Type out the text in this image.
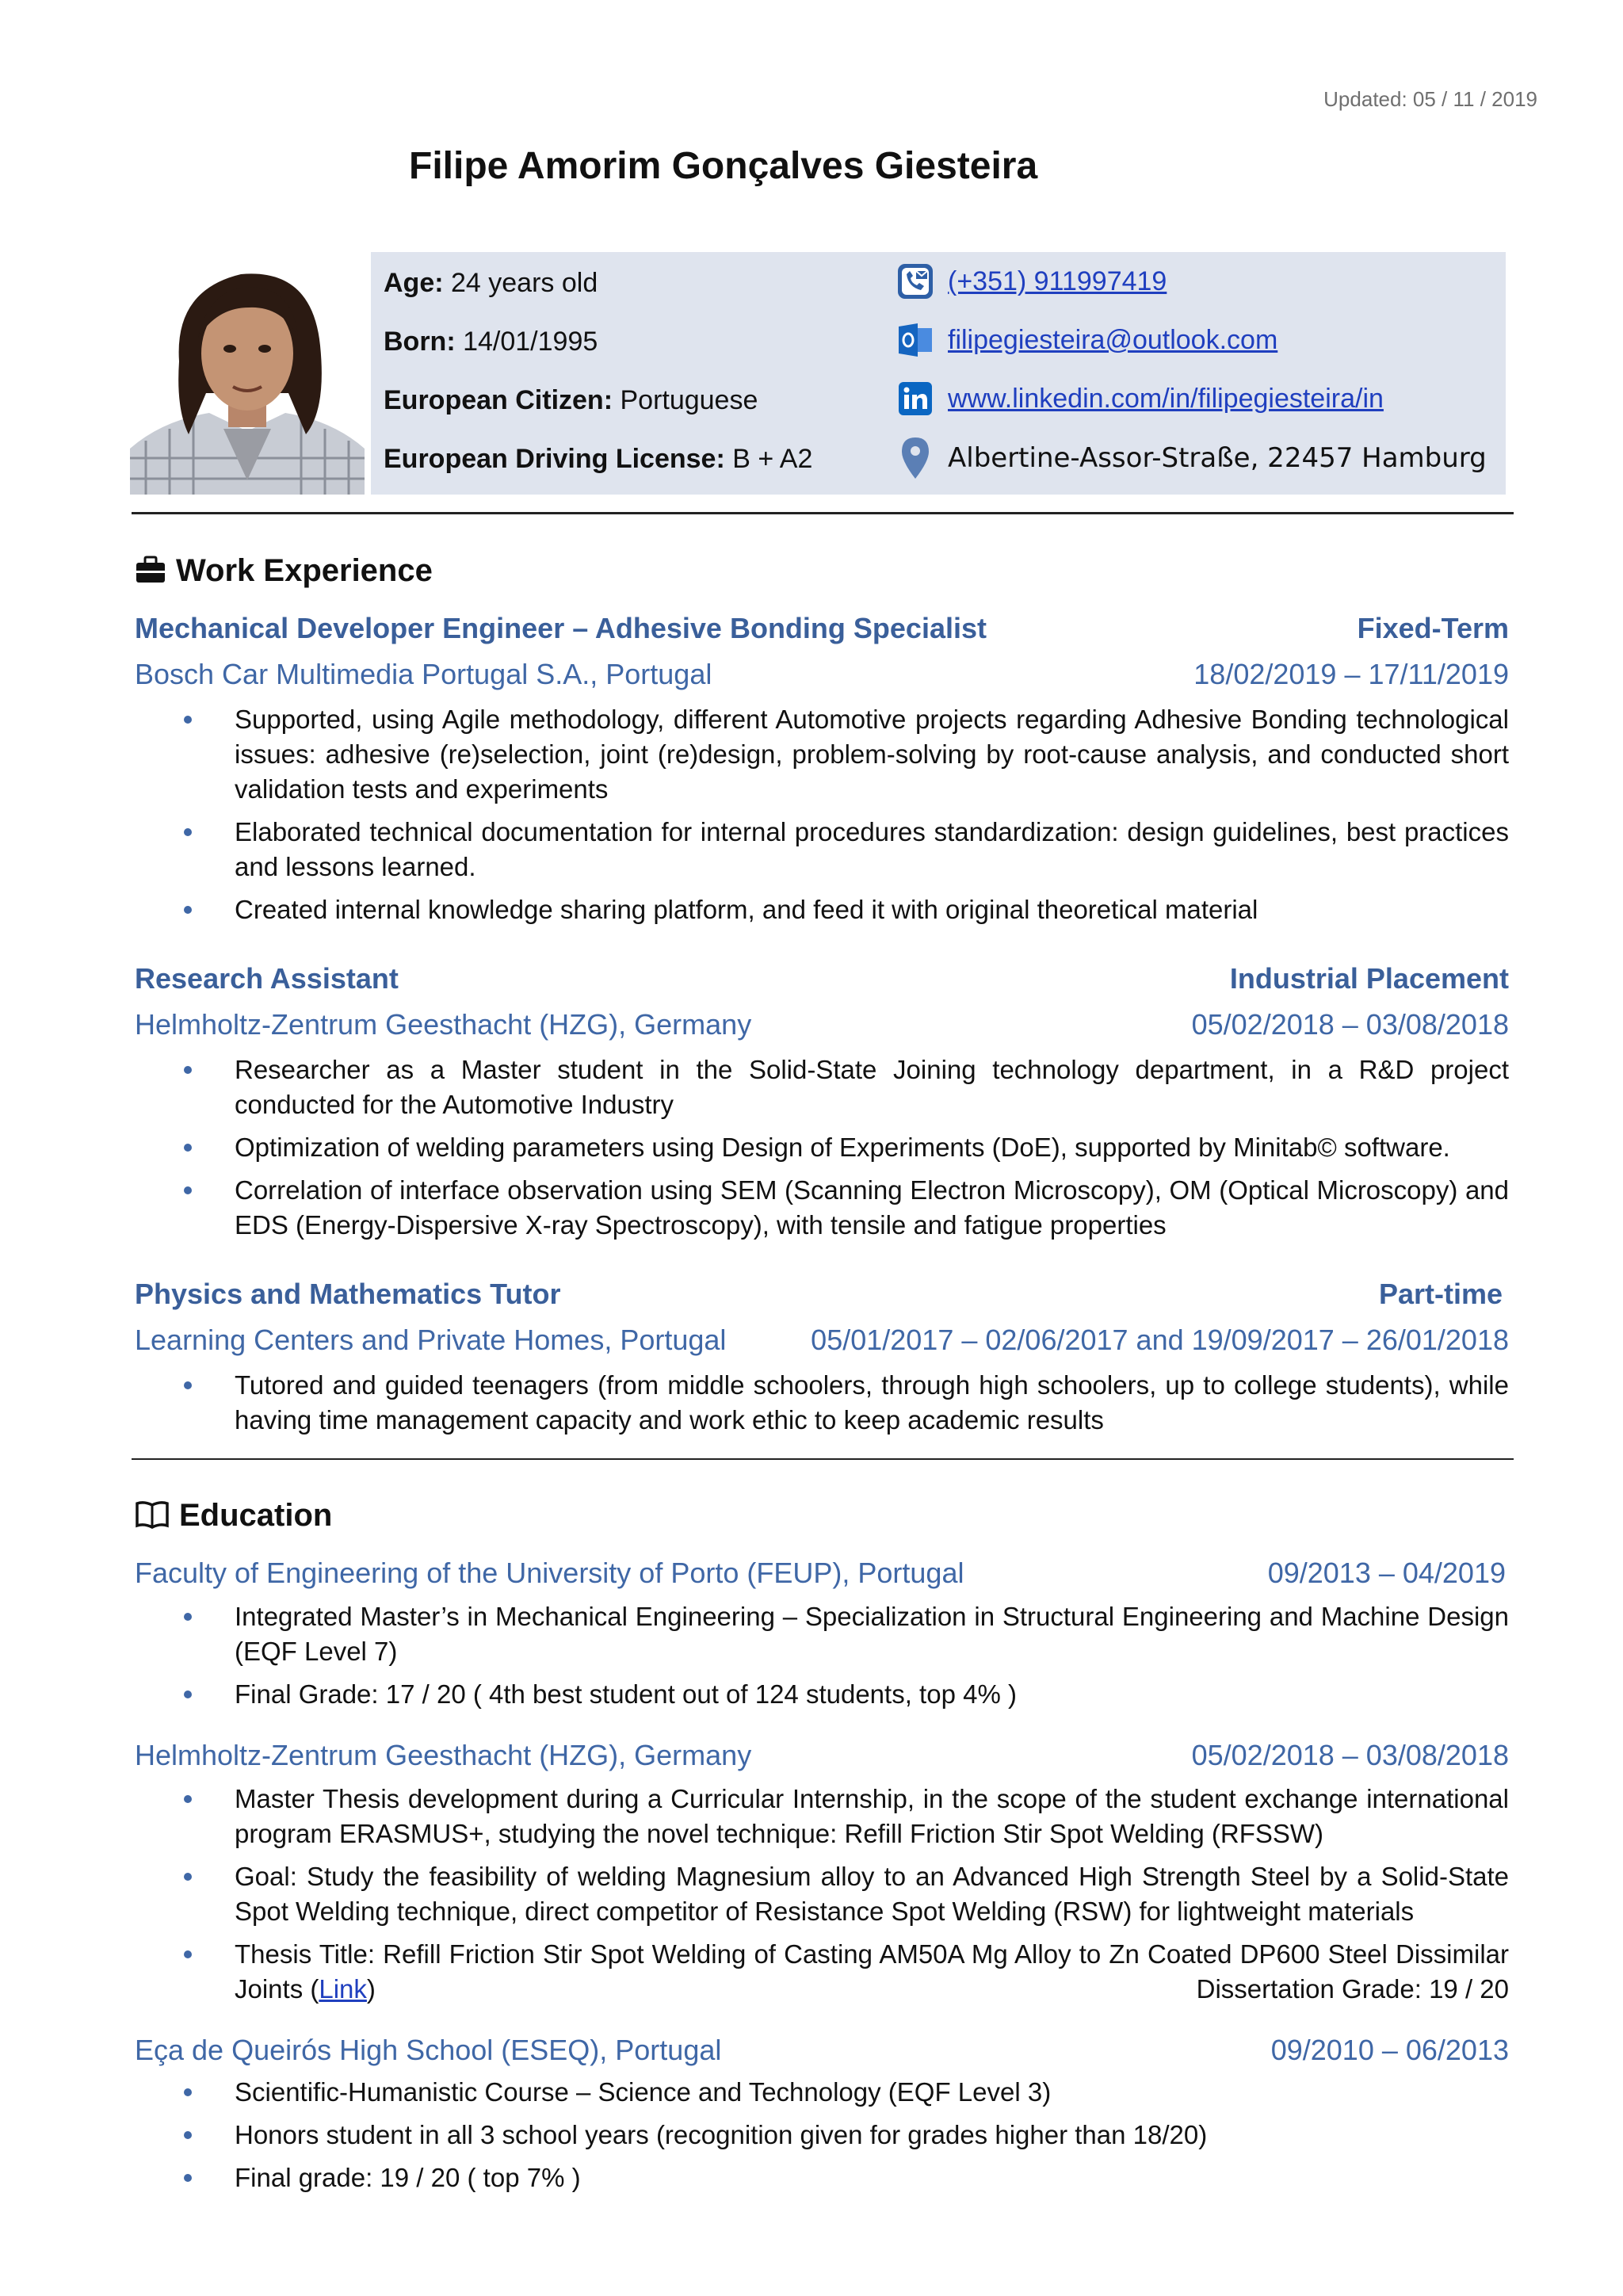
Updated: 05 / 11 / 2019
Filipe Amorim Gonçalves Giesteira
Age: 24 years old
Born: 14/01/1995
European Citizen: Portuguese
European Driving License: B + A2
(+351) 911997419
filipegiesteira@outlook.com
www.linkedin.com/in/filipegiesteira/in
Albertine-Assor-Straße, 22457 Hamburg
Work Experience
Mechanical Developer Engineer – Adhesive Bonding Specialist	Fixed-Term
Bosch Car Multimedia Portugal S.A., Portugal	18/02/2019 – 17/11/2019
Supported, using Agile methodology, different Automotive projects regarding Adhesive Bonding technological issues: adhesive (re)selection, joint (re)design, problem-solving by root-cause analysis, and conducted short validation tests and experiments
Elaborated technical documentation for internal procedures standardization: design guidelines, best practices and lessons learned.
Created internal knowledge sharing platform, and feed it with original theoretical material
Research Assistant	Industrial Placement
Helmholtz-Zentrum Geesthacht (HZG), Germany	05/02/2018 – 03/08/2018
Researcher as a Master student in the Solid-State Joining technology department, in a R&D project conducted for the Automotive Industry
Optimization of welding parameters using Design of Experiments (DoE), supported by Minitab© software.
Correlation of interface observation using SEM (Scanning Electron Microscopy), OM (Optical Microscopy) and EDS (Energy-Dispersive X-ray Spectroscopy), with tensile and fatigue properties
Physics and Mathematics Tutor	Part-time
Learning Centers and Private Homes, Portugal	05/01/2017 – 02/06/2017 and 19/09/2017 – 26/01/2018
Tutored and guided teenagers (from middle schoolers, through high schoolers, up to college students), while having time management capacity and work ethic to keep academic results
Education
Faculty of Engineering of the University of Porto (FEUP), Portugal	09/2013 – 04/2019
Integrated Master’s in Mechanical Engineering – Specialization in Structural Engineering and Machine Design (EQF Level 7)
Final Grade: 17 / 20 ( 4th best student out of 124 students, top 4% )
Helmholtz-Zentrum Geesthacht (HZG), Germany	05/02/2018 – 03/08/2018
Master Thesis development during a Curricular Internship, in the scope of the student exchange international program ERASMUS+, studying the novel technique: Refill Friction Stir Spot Welding (RFSSW)
Goal: Study the feasibility of welding Magnesium alloy to an Advanced High Strength Steel by a Solid-State Spot Welding technique, direct competitor of Resistance Spot Welding (RSW) for lightweight materials
Thesis Title: Refill Friction Stir Spot Welding of Casting AM50A Mg Alloy to Zn Coated DP600 Steel Dissimilar Joints (Link)	Dissertation Grade: 19 / 20
Eça de Queirós High School (ESEQ), Portugal	09/2010 – 06/2013
Scientific-Humanistic Course – Science and Technology (EQF Level 3)
Honors student in all 3 school years (recognition given for grades higher than 18/20)
Final grade: 19 / 20 ( top 7% )
